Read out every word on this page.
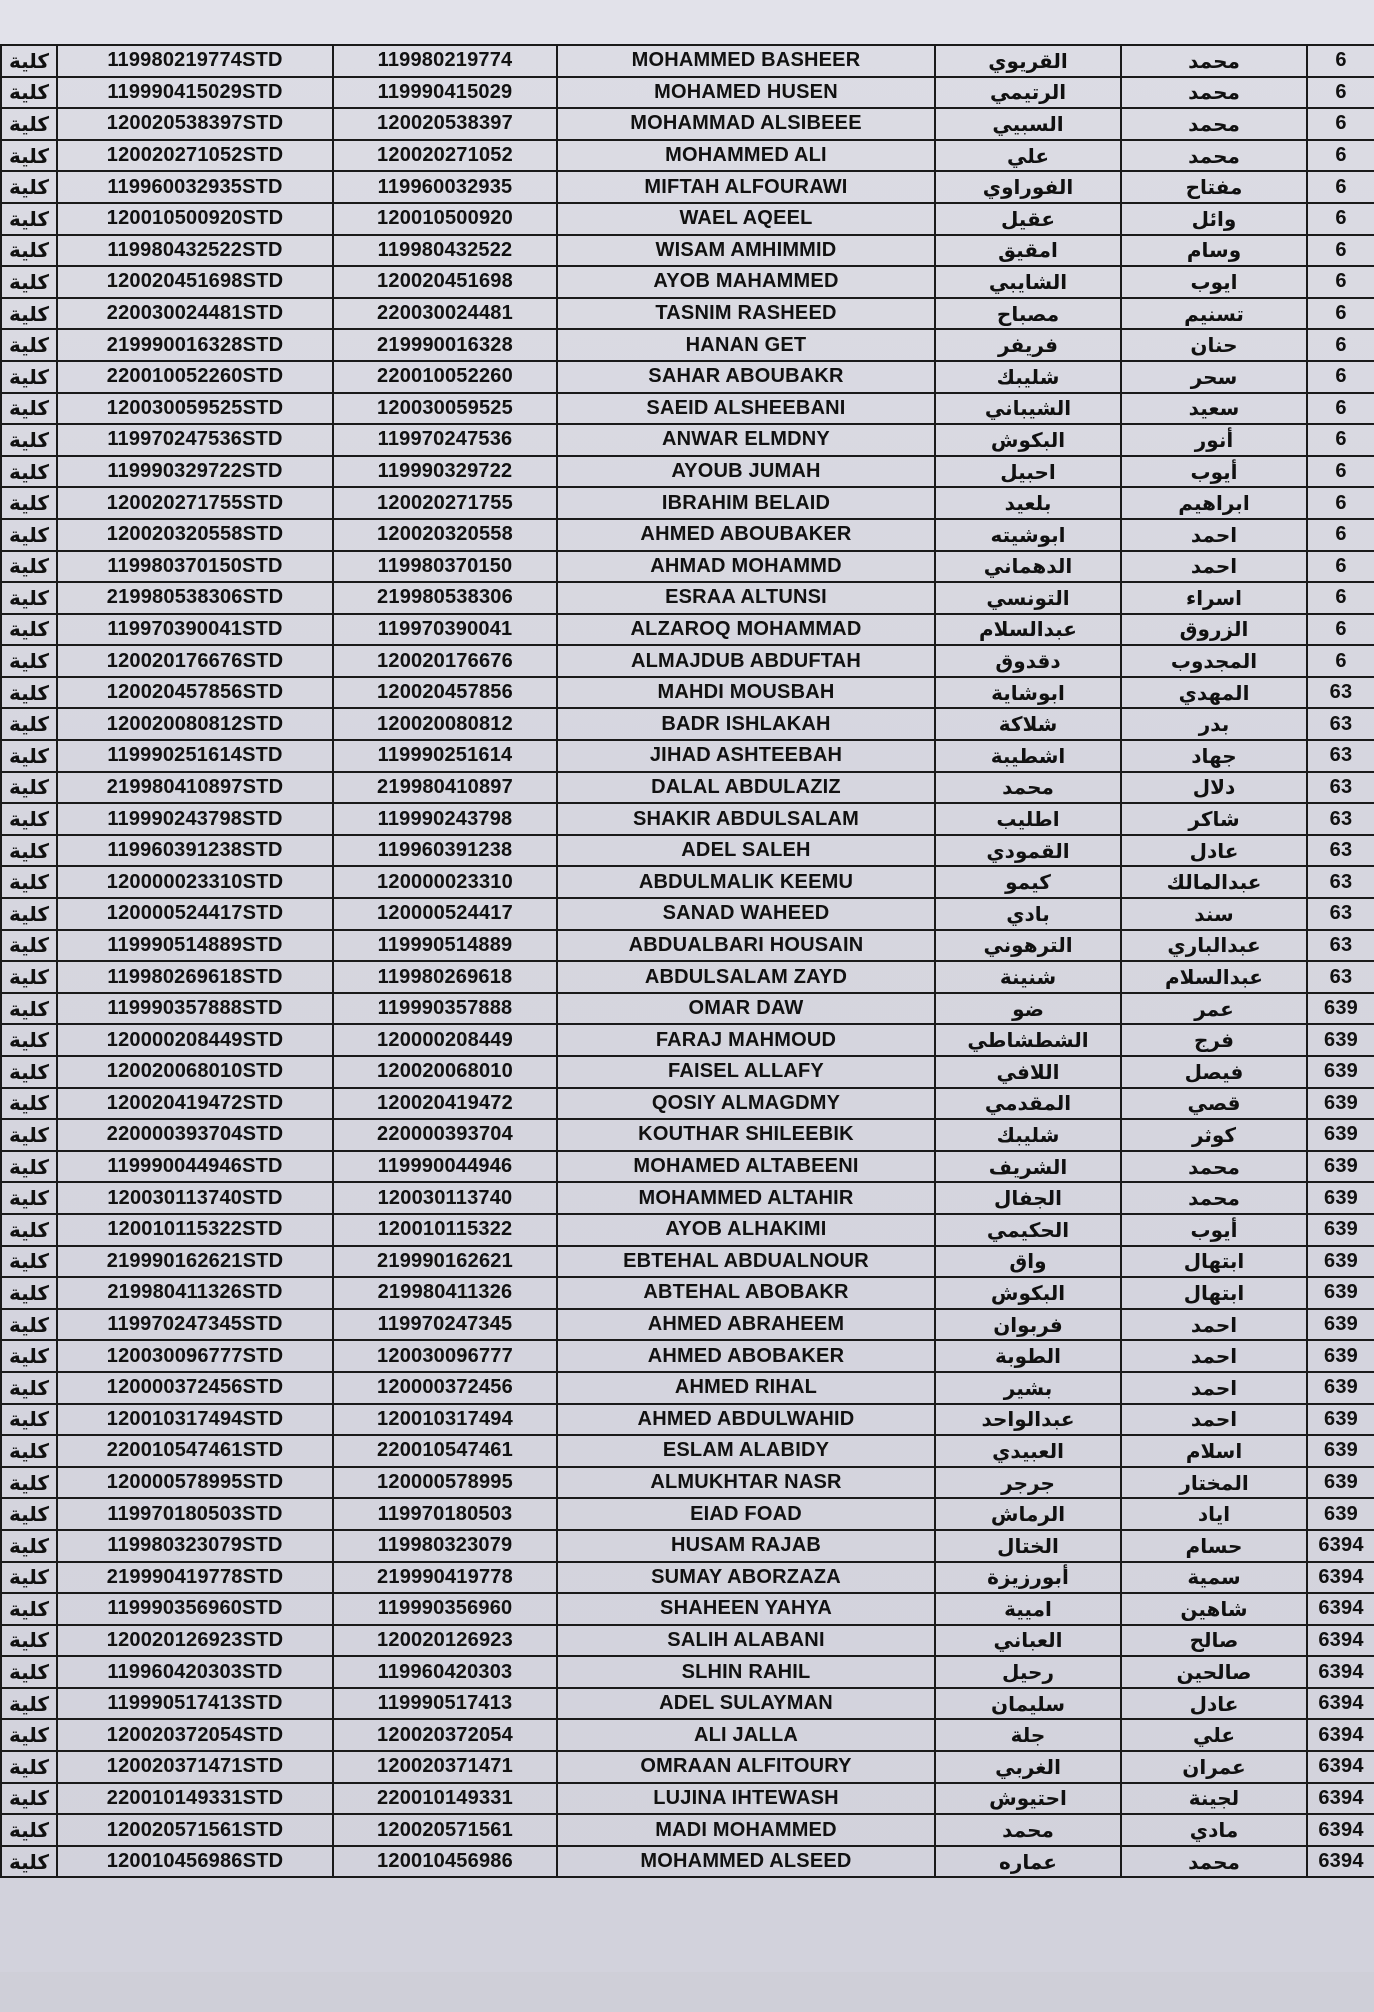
كلية	119980219774STD	119980219774	MOHAMMED BASHEER	القريوي	محمد	6
كلية	119990415029STD	119990415029	MOHAMED HUSEN	الرتيمي	محمد	6
كلية	120020538397STD	120020538397	MOHAMMAD ALSIBEEE	السبيي	محمد	6
كلية	120020271052STD	120020271052	MOHAMMED ALI	علي	محمد	6
كلية	119960032935STD	119960032935	MIFTAH ALFOURAWI	الفوراوي	مفتاح	6
كلية	120010500920STD	120010500920	WAEL AQEEL	عقيل	وائل	6
كلية	119980432522STD	119980432522	WISAM AMHIMMID	امقيق	وسام	6
كلية	120020451698STD	120020451698	AYOB MAHAMMED	الشايبي	ايوب	6
كلية	220030024481STD	220030024481	TASNIM RASHEED	مصباح	تسنيم	6
كلية	219990016328STD	219990016328	HANAN GET	فريفر	حنان	6
كلية	220010052260STD	220010052260	SAHAR ABOUBAKR	شليبك	سحر	6
كلية	120030059525STD	120030059525	SAEID ALSHEEBANI	الشيباني	سعيد	6
كلية	119970247536STD	119970247536	ANWAR ELMDNY	البكوش	أنور	6
كلية	119990329722STD	119990329722	AYOUB JUMAH	احبيل	أيوب	6
كلية	120020271755STD	120020271755	IBRAHIM BELAID	بلعيد	ابراهيم	6
كلية	120020320558STD	120020320558	AHMED ABOUBAKER	ابوشيته	احمد	6
كلية	119980370150STD	119980370150	AHMAD MOHAMMD	الدهماني	احمد	6
كلية	219980538306STD	219980538306	ESRAA ALTUNSI	التونسي	اسراء	6
كلية	119970390041STD	119970390041	ALZAROQ MOHAMMAD	عبدالسلام	الزروق	6
كلية	120020176676STD	120020176676	ALMAJDUB ABDUFTAH	دقدوق	المجدوب	6
كلية	120020457856STD	120020457856	MAHDI MOUSBAH	ابوشاية	المهدي	63
كلية	120020080812STD	120020080812	BADR ISHLAKAH	شلاكة	بدر	63
كلية	119990251614STD	119990251614	JIHAD ASHTEEBAH	اشطيبة	جهاد	63
كلية	219980410897STD	219980410897	DALAL ABDULAZIZ	محمد	دلال	63
كلية	119990243798STD	119990243798	SHAKIR ABDULSALAM	اطليب	شاكر	63
كلية	119960391238STD	119960391238	ADEL SALEH	القمودي	عادل	63
كلية	120000023310STD	120000023310	ABDULMALIK KEEMU	كيمو	عبدالمالك	63
كلية	120000524417STD	120000524417	SANAD WAHEED	بادي	سند	63
كلية	119990514889STD	119990514889	ABDUALBARI HOUSAIN	الترهوني	عبدالباري	63
كلية	119980269618STD	119980269618	ABDULSALAM ZAYD	شنينة	عبدالسلام	63
كلية	119990357888STD	119990357888	OMAR DAW	ضو	عمر	639
كلية	120000208449STD	120000208449	FARAJ MAHMOUD	الشطشاطي	فرج	639
كلية	120020068010STD	120020068010	FAISEL ALLAFY	اللافي	فيصل	639
كلية	120020419472STD	120020419472	QOSIY ALMAGDMY	المقدمي	قصي	639
كلية	220000393704STD	220000393704	KOUTHAR SHILEEBIK	شليبك	كوثر	639
كلية	119990044946STD	119990044946	MOHAMED ALTABEENI	الشريف	محمد	639
كلية	120030113740STD	120030113740	MOHAMMED ALTAHIR	الجفال	محمد	639
كلية	120010115322STD	120010115322	AYOB ALHAKIMI	الحكيمي	أيوب	639
كلية	219990162621STD	219990162621	EBTEHAL ABDUALNOUR	واق	ابتهال	639
كلية	219980411326STD	219980411326	ABTEHAL ABOBAKR	البكوش	ابتهال	639
كلية	119970247345STD	119970247345	AHMED ABRAHEEM	فربوان	احمد	639
كلية	120030096777STD	120030096777	AHMED ABOBAKER	الطوبة	احمد	639
كلية	120000372456STD	120000372456	AHMED RIHAL	بشير	احمد	639
كلية	120010317494STD	120010317494	AHMED ABDULWAHID	عبدالواحد	احمد	639
كلية	220010547461STD	220010547461	ESLAM ALABIDY	العبيدي	اسلام	639
كلية	120000578995STD	120000578995	ALMUKHTAR NASR	جرجر	المختار	639
كلية	119970180503STD	119970180503	EIAD FOAD	الرماش	اياد	639
كلية	119980323079STD	119980323079	HUSAM RAJAB	الختال	حسام	6394
كلية	219990419778STD	219990419778	SUMAY ABORZAZA	أبورزيزة	سمية	6394
كلية	119990356960STD	119990356960	SHAHEEN YAHYA	اميية	شاهين	6394
كلية	120020126923STD	120020126923	SALIH ALABANI	العباني	صالح	6394
كلية	119960420303STD	119960420303	SLHIN RAHIL	رحيل	صالحين	6394
كلية	119990517413STD	119990517413	ADEL SULAYMAN	سليمان	عادل	6394
كلية	120020372054STD	120020372054	ALI JALLA	جلة	علي	6394
كلية	120020371471STD	120020371471	OMRAAN ALFITOURY	الغربي	عمران	6394
كلية	220010149331STD	220010149331	LUJINA IHTEWASH	احتيوش	لجينة	6394
كلية	120020571561STD	120020571561	MADI MOHAMMED	محمد	مادي	6394
كلية	120010456986STD	120010456986	MOHAMMED ALSEED	عماره	محمد	6394
